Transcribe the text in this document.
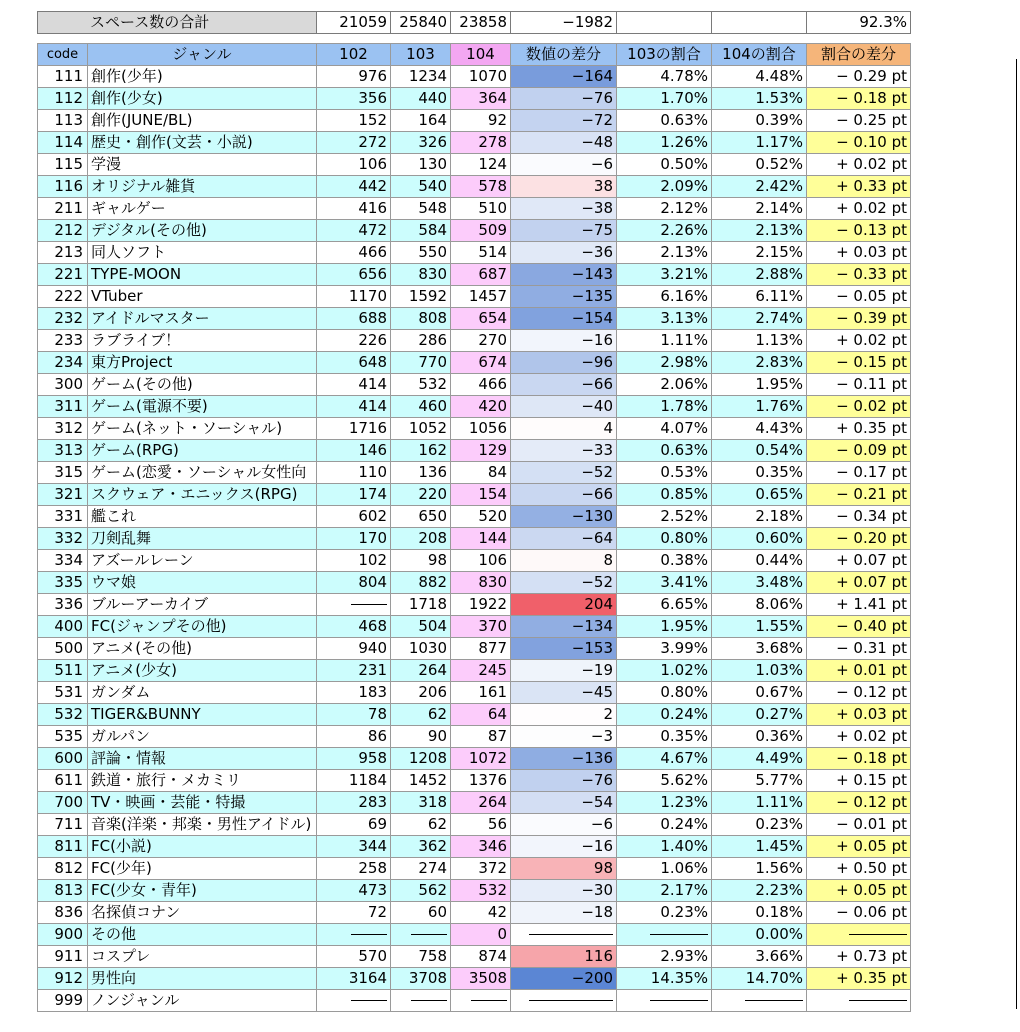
スペース数の合計	21059	25840	23858	−1982			92.3%
code	ジャンル	102	103	104	数値の差分	103の割合	104の割合	割合の差分
111	創作(少年)	976	1234	1070	−164	4.78%	4.48%	− 0.29 pt
112	創作(少女)	356	440	364	−76	1.70%	1.53%	− 0.18 pt
113	創作(JUNE/BL)	152	164	92	−72	0.63%	0.39%	− 0.25 pt
114	歴史・創作(文芸・小説)	272	326	278	−48	1.26%	1.17%	− 0.10 pt
115	学漫	106	130	124	−6	0.50%	0.52%	+ 0.02 pt
116	オリジナル雑貨	442	540	578	38	2.09%	2.42%	+ 0.33 pt
211	ギャルゲー	416	548	510	−38	2.12%	2.14%	+ 0.02 pt
212	デジタル(その他)	472	584	509	−75	2.26%	2.13%	− 0.13 pt
213	同人ソフト	466	550	514	−36	2.13%	2.15%	+ 0.03 pt
221	TYPE-MOON	656	830	687	−143	3.21%	2.88%	− 0.33 pt
222	VTuber	1170	1592	1457	−135	6.16%	6.11%	− 0.05 pt
232	アイドルマスター	688	808	654	−154	3.13%	2.74%	− 0.39 pt
233	ラブライブ！	226	286	270	−16	1.11%	1.13%	+ 0.02 pt
234	東方Project	648	770	674	−96	2.98%	2.83%	− 0.15 pt
300	ゲーム(その他)	414	532	466	−66	2.06%	1.95%	− 0.11 pt
311	ゲーム(電源不要)	414	460	420	−40	1.78%	1.76%	− 0.02 pt
312	ゲーム(ネット・ソーシャル)	1716	1052	1056	4	4.07%	4.43%	+ 0.35 pt
313	ゲーム(RPG)	146	162	129	−33	0.63%	0.54%	− 0.09 pt
315	ゲーム(恋愛・ソーシャル女性向	110	136	84	−52	0.53%	0.35%	− 0.17 pt
321	スクウェア・エニックス(RPG)	174	220	154	−66	0.85%	0.65%	− 0.21 pt
331	艦これ	602	650	520	−130	2.52%	2.18%	− 0.34 pt
332	刀剣乱舞	170	208	144	−64	0.80%	0.60%	− 0.20 pt
334	アズールレーン	102	98	106	8	0.38%	0.44%	+ 0.07 pt
335	ウマ娘	804	882	830	−52	3.41%	3.48%	+ 0.07 pt
336	ブルーアーカイブ		1718	1922	204	6.65%	8.06%	+ 1.41 pt
400	FC(ジャンプその他)	468	504	370	−134	1.95%	1.55%	− 0.40 pt
500	アニメ(その他)	940	1030	877	−153	3.99%	3.68%	− 0.31 pt
511	アニメ(少女)	231	264	245	−19	1.02%	1.03%	+ 0.01 pt
531	ガンダム	183	206	161	−45	0.80%	0.67%	− 0.12 pt
532	TIGER&BUNNY	78	62	64	2	0.24%	0.27%	+ 0.03 pt
535	ガルパン	86	90	87	−3	0.35%	0.36%	+ 0.02 pt
600	評論・情報	958	1208	1072	−136	4.67%	4.49%	− 0.18 pt
611	鉄道・旅行・メカミリ	1184	1452	1376	−76	5.62%	5.77%	+ 0.15 pt
700	TV・映画・芸能・特撮	283	318	264	−54	1.23%	1.11%	− 0.12 pt
711	音楽(洋楽・邦楽・男性アイドル)	69	62	56	−6	0.24%	0.23%	− 0.01 pt
811	FC(小説)	344	362	346	−16	1.40%	1.45%	+ 0.05 pt
812	FC(少年)	258	274	372	98	1.06%	1.56%	+ 0.50 pt
813	FC(少女・青年)	473	562	532	−30	2.17%	2.23%	+ 0.05 pt
836	名探偵コナン	72	60	42	−18	0.23%	0.18%	− 0.06 pt
900	その他			0			0.00%	
911	コスプレ	570	758	874	116	2.93%	3.66%	+ 0.73 pt
912	男性向	3164	3708	3508	−200	14.35%	14.70%	+ 0.35 pt
999	ノンジャンル							
